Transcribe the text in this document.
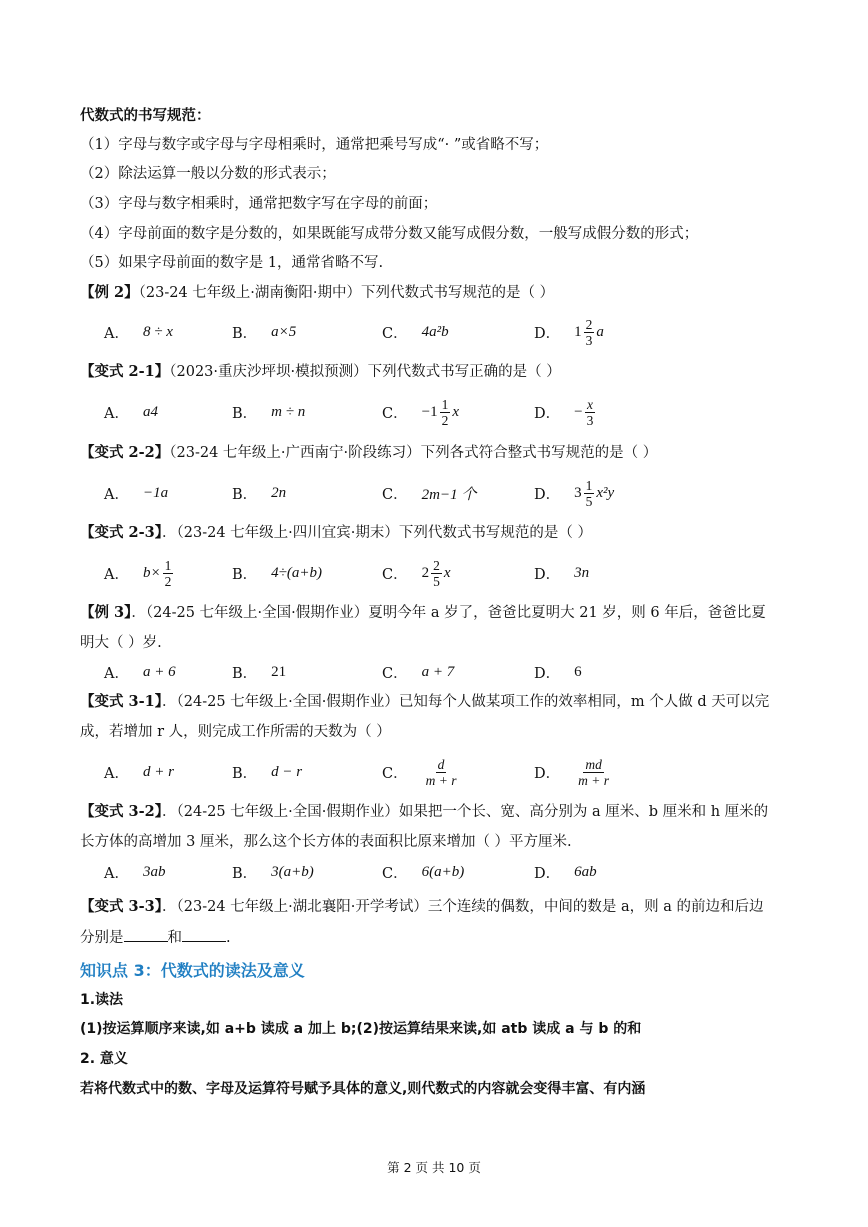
代数式的书写规范：
（1）字母与数字或字母与字母相乘时，通常把乘号写成“· ”或省略不写；
（2）除法运算一般以分数的形式表示；
（3）字母与数字相乘时，通常把数字写在字母的前面；
（4）字母前面的数字是分数的，如果既能写成带分数又能写成假分数，一般写成假分数的形式；
（5）如果字母前面的数字是 1，通常省略不写.
【例 2】（23-24 七年级上·湖南衡阳·期中）下列代数式书写规范的是（ ）
A． 8 ÷ x	B． a×5	C． 4a²b	D． $1 \frac{2}{3}$ a
【变式 2-1】（2023·重庆沙坪坝·模拟预测）下列代数式书写正确的是（ ）
A． a4	B． m ÷ n	C． $-1 \frac{1}{2}$ x	D． − $\frac{x}{3}$
【变式 2-2】（23-24 七年级上·广西南宁·阶段练习）下列各式符合整式书写规范的是（ ）
A． −1a	B． 2n	C． 2m−1 个	D． $3 \frac{1}{5} x^2y$
【变式 2-3】．（23-24 七年级上·四川宜宾·期末）下列代数式书写规范的是（ ）
A． $b\times \frac{1}{2}$	B． 4÷(a+b)	C． $2 \frac{2}{5}$ x	D． 3n
【例 3】．（24-25 七年级上·全国·假期作业）夏明今年 a 岁了，爸爸比夏明大 21 岁，则 6 年后，爸爸比夏
明大（ ）岁.
A． a + 6	B． 21	C． a + 7	D． 6
【变式 3-1】．（24-25 七年级上·全国·假期作业）已知每个人做某项工作的效率相同，m 个人做 d 天可以完
成，若增加 r 人，则完成工作所需的天数为（ ）
A． d + r	B． d − r	C． $\frac{d}{m + r}$	D． $\frac{md}{m + r}$
【变式 3-2】．（24-25 七年级上·全国·假期作业）如果把一个长、宽、高分别为 a 厘米、b 厘米和 h 厘米的
长方体的高增加 3 厘米，那么这个长方体的表面积比原来增加（ ）平方厘米.
A． 3ab	B． 3(a+b)	C． 6(a+b)	D． 6ab
【变式 3-3】．（23-24 七年级上·湖北襄阳·开学考试）三个连续的偶数，中间的数是 a，则 a 的前边和后边
分别是	和	.
知识点 3：代数式的读法及意义
1.读法
(1)按运算顺序来读,如 a+b 读成 a 加上 b;(2)按运算结果来读,如 atb 读成 a 与 b 的和
2. 意义
若将代数式中的数、字母及运算符号赋予具体的意义,则代数式的内容就会变得丰富、有内涵
第 2 页 共 10 页
